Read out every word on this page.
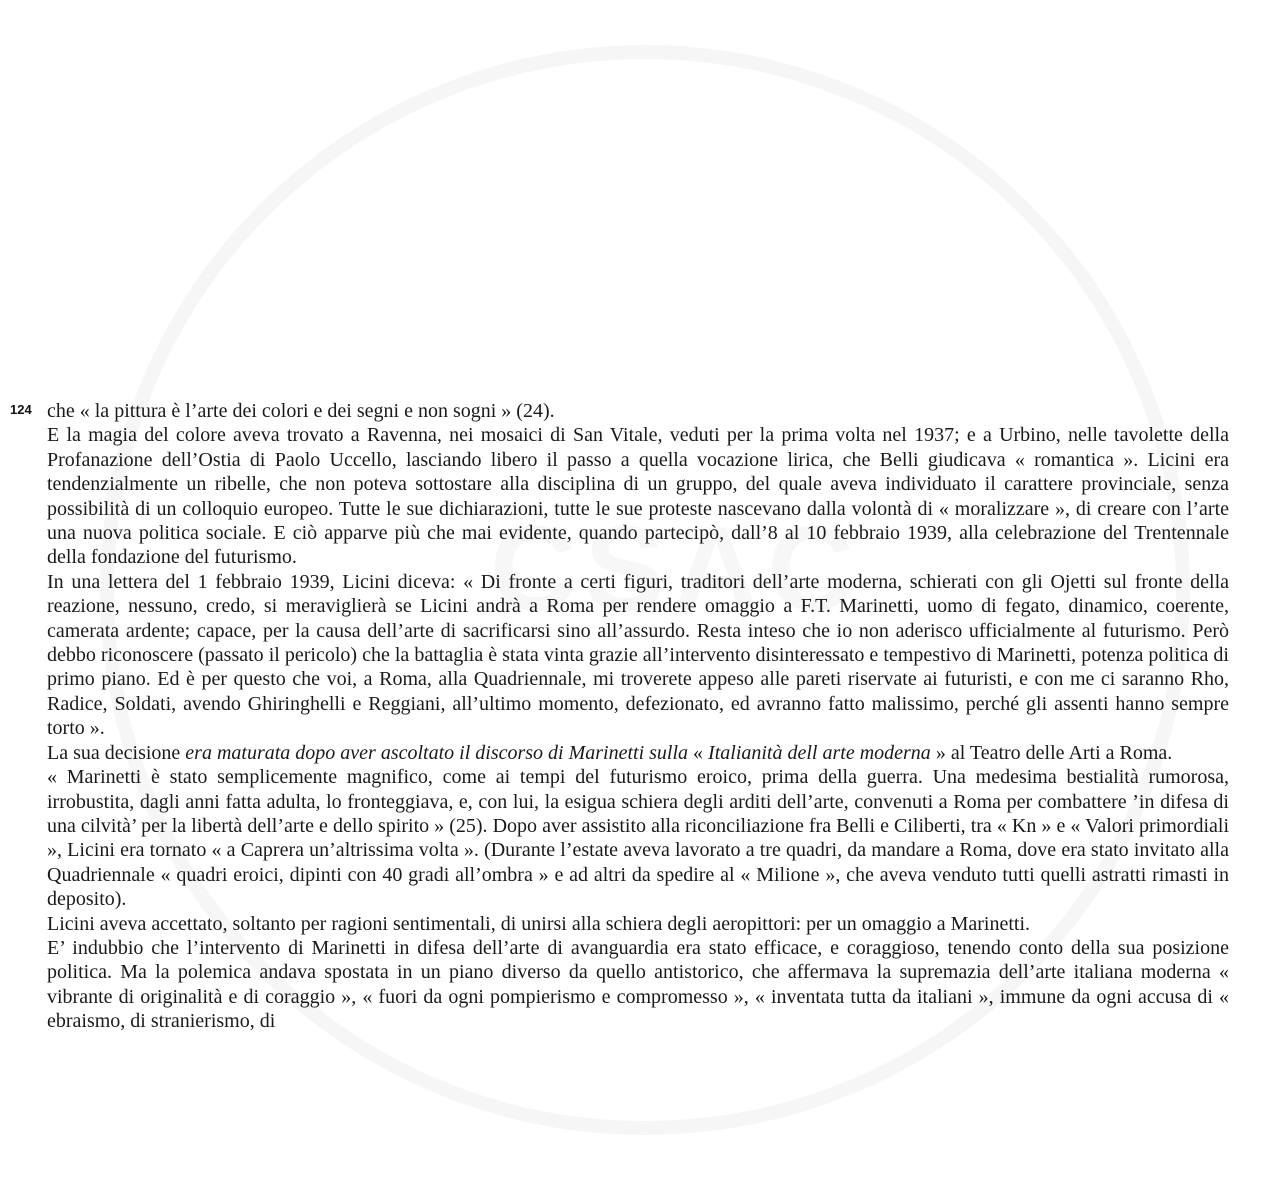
124 che « la pittura è l’arte dei colori e dei segni e non sogni » (24).

E la magia del colore aveva trovato a Ravenna, nei mosaici di San Vitale, veduti per la prima volta nel 1937; e a Urbino, nelle tavolette della Profanazione dell’Ostia di Paolo Uccello, lasciando libero il passo a quella vocazione lirica, che Belli giudicava « romantica ». Licini era tendenzialmente un ribelle, che non poteva sottostare alla disciplina di un gruppo, del quale aveva individuato il carattere provinciale, senza possibilità di un colloquio europeo. Tutte le sue dichiarazioni, tutte le sue proteste nascevano dalla volontà di « moralizzare », di creare con l’arte una nuova politica sociale. E ciò apparve più che mai evidente, quando partecipò, dall’8 al 10 febbraio 1939, alla celebrazione del Trentennale della fondazione del futurismo.

In una lettera del 1 febbraio 1939, Licini diceva: « Di fronte a certi figuri, traditori dell’arte moderna, schierati con gli Ojetti sul fronte della reazione, nessuno, credo, si meraviglierà se Licini andrà a Roma per rendere omaggio a F.T. Marinetti, uomo di fegato, dinamico, coerente, camerata ardente; capace, per la causa dell’arte di sacrificarsi sino all’assurdo. Resta inteso che io non aderisco ufficialmente al futurismo. Però debbo riconoscere (passato il pericolo) che la battaglia è stata vinta grazie all’intervento disinteressato e tempestivo di Marinetti, potenza politica di primo piano. Ed è per questo che voi, a Roma, alla Quadriennale, mi troverete appeso alle pareti riservate ai futuristi, e con me ci saranno Rho, Radice, Soldati, avendo Ghiringhelli e Reggiani, all’ultimo momento, defezionato, ed avranno fatto malissimo, perché gli assenti hanno sempre torto ».

La sua decisione era maturata dopo aver ascoltato il discorso di Marinetti sulla « Italianità dell arte moderna » al Teatro delle Arti a Roma.

« Marinetti è stato semplicemente magnifico, come ai tempi del futurismo eroico, prima della guerra. Una medesima bestialità rumorosa, irrobustita, dagli anni fatta adulta, lo fronteggiava, e, con lui, la esigua schiera degli arditi dell’arte, convenuti a Roma per combattere ’in difesa di una cilvità’ per la libertà dell’arte e dello spirito » (25). Dopo aver assistito alla riconciliazione fra Belli e Ciliberti, tra « Kn » e « Valori primordiali », Licini era tornato « a Caprera un’altrissima volta ». (Durante l’estate aveva lavorato a tre quadri, da mandare a Roma, dove era stato invitato alla Quadriennale « quadri eroici, dipinti con 40 gradi all’ombra » e ad altri da spedire al « Milione », che aveva venduto tutti quelli astratti rimasti in deposito).

Licini aveva accettato, soltanto per ragioni sentimentali, di unirsi alla schiera degli aeropittori: per un omaggio a Marinetti.

E’ indubbio che l’intervento di Marinetti in difesa dell’arte di avanguardia era stato efficace, e coraggioso, tenendo conto della sua posizione politica. Ma la polemica andava spostata in un piano diverso da quello antistorico, che affermava la supremazia dell’arte italiana moderna « vibrante di originalità e di coraggio », « fuori da ogni pompierismo e compromesso », « inventata tutta da italiani », immune da ogni accusa di « ebraismo, di stranierismo, di
